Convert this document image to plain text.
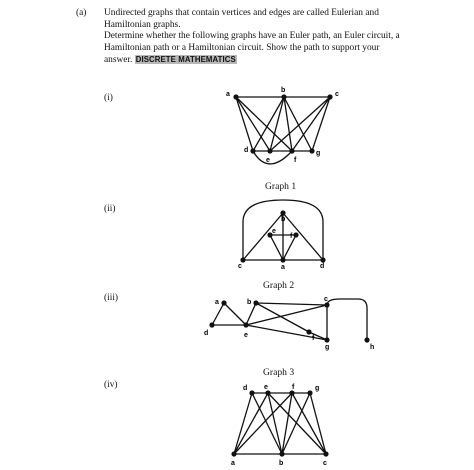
(a) Undirected graphs that contain vertices and edges are called Eulerian and
Hamiltonian graphs.
Determine whether the following graphs have an Euler path, an Euler circuit, a
Hamiltonian path or a Hamiltonian circuit. Show the path to support your
answer. DISCRETE MATHEMATICS
(i)
(ii)
(iii)
(iv)
Graph 1
Graph 2
Graph 3
a
b
c
d
e	f
g
b
e
f
c	a	d
a	b	c
d	e	f
g	h
d e	f	g
a	b	c
